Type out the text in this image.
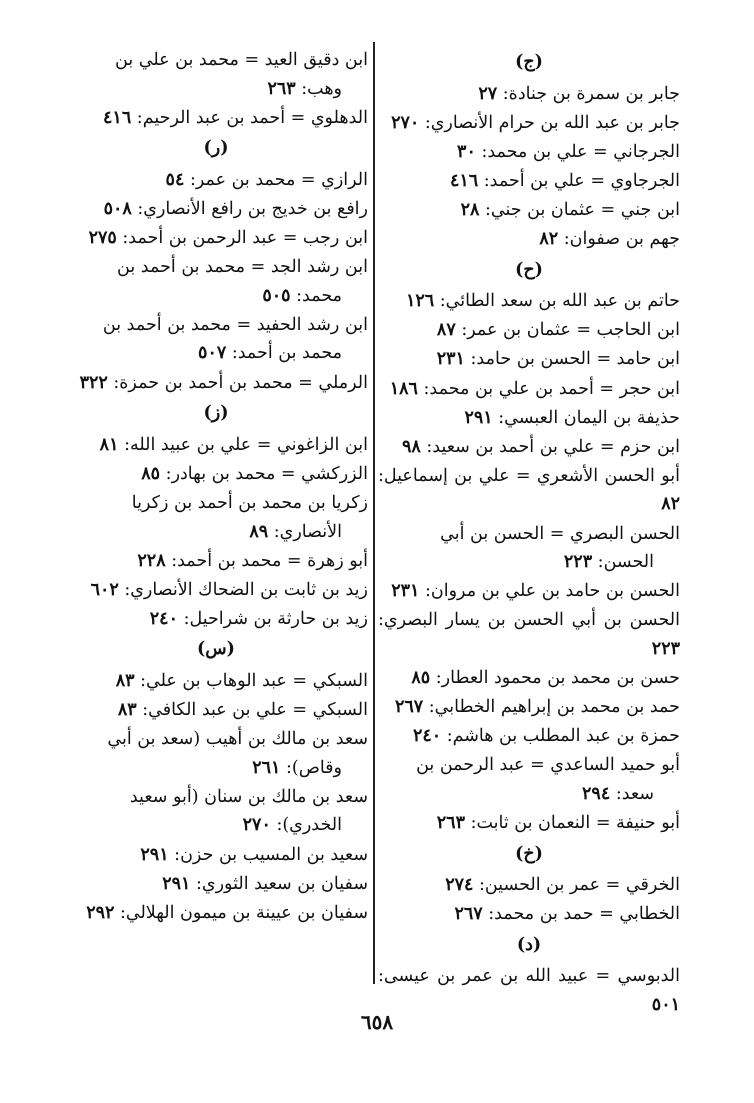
(ج)
جابر بن سمرة بن جنادة: ٢٧
جابر بن عبد الله بن حرام الأنصاري: ٢٧٠
الجرجاني = علي بن محمد: ٣٠
الجرجاوي = علي بن أحمد: ٤١٦
ابن جني = عثمان بن جني: ٢٨
جهم بن صفوان: ٨٢
(ح)
حاتم بن عبد الله بن سعد الطائي: ١٢٦
ابن الحاجب = عثمان بن عمر: ٨٧
ابن حامد = الحسن بن حامد: ٢٣١
ابن حجر = أحمد بن علي بن محمد: ١٨٦
حذيفة بن اليمان العبسي: ٢٩١
ابن حزم = علي بن أحمد بن سعيد: ٩٨
أبو الحسن الأشعري = علي بن إسماعيل: ٨٢
الحسن البصري = الحسن بن أبي
الحسن: ٢٢٣
الحسن بن حامد بن علي بن مروان: ٢٣١
الحسن بن أبي الحسن بن يسار البصري: ٢٢٣
حسن بن محمد بن محمود العطار: ٨٥
حمد بن محمد بن إبراهيم الخطابي: ٢٦٧
حمزة بن عبد المطلب بن هاشم: ٢٤٠
أبو حميد الساعدي = عبد الرحمن بن
سعد: ٢٩٤
أبو حنيفة = النعمان بن ثابت: ٢٦٣
(خ)
الخرقي = عمر بن الحسين: ٢٧٤
الخطابي = حمد بن محمد: ٢٦٧
(د)
الدبوسي = عبيد الله بن عمر بن عيسى: ٥٠١
ابن دقيق العيد = محمد بن علي بن
وهب: ٢٦٣
الدهلوي = أحمد بن عبد الرحيم: ٤١٦
(ر)
الرازي = محمد بن عمر: ٥٤
رافع بن خديج بن رافع الأنصاري: ٥٠٨
ابن رجب = عبد الرحمن بن أحمد: ٢٧٥
ابن رشد الجد = محمد بن أحمد بن
محمد: ٥٠٥
ابن رشد الحفيد = محمد بن أحمد بن
محمد بن أحمد: ٥٠٧
الرملي = محمد بن أحمد بن حمزة: ٣٢٢
(ز)
ابن الزاغوني = علي بن عبيد الله: ٨١
الزركشي = محمد بن بهادر: ٨٥
زكريا بن محمد بن أحمد بن زكريا
الأنصاري: ٨٩
أبو زهرة = محمد بن أحمد: ٢٢٨
زيد بن ثابت بن الضحاك الأنصاري: ٦٠٢
زيد بن حارثة بن شراحيل: ٢٤٠
(س)
السبكي = عبد الوهاب بن علي: ٨٣
السبكي = علي بن عبد الكافي: ٨٣
سعد بن مالك بن أهيب (سعد بن أبي
وقاص): ٢٦١
سعد بن مالك بن سنان (أبو سعيد
الخدري): ٢٧٠
سعيد بن المسيب بن حزن: ٢٩١
سفيان بن سعيد الثوري: ٢٩١
سفيان بن عيينة بن ميمون الهلالي: ٢٩٢
٦٥٨
